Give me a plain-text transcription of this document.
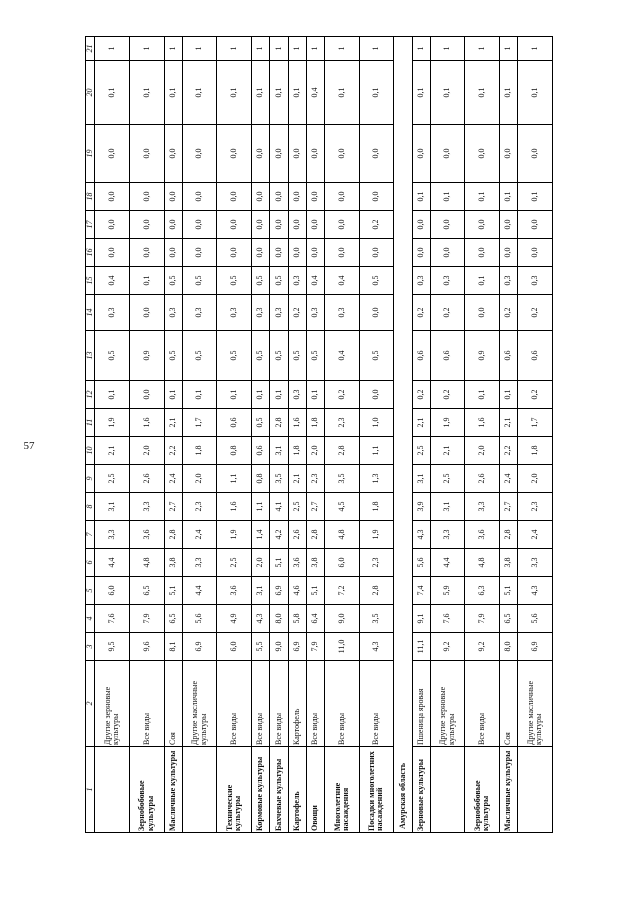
57
1	2	3	4	5	6	7	8	9	10	11	12	13	14	15	16	17	18	19	20	21
	Другие зерновые культуры	9,5	7,6	6,0	4,4	3,3	3,1	2,5	2,1	1,9	0,1	0,5	0,3	0,4	0,0	0,0	0,0	0,0	0,1	1
Зернобобовые культуры	Все виды	9,6	7,9	6,5	4,8	3,6	3,3	2,6	2,0	1,6	0,0	0,9	0,0	0,1	0,0	0,0	0,0	0,0	0,1	1
Масличные культуры	Соя	8,1	6,5	5,1	3,8	2,8	2,7	2,4	2,2	2,1	0,1	0,5	0,3	0,5	0,0	0,0	0,0	0,0	0,1	1
	Другие масличные культуры	6,9	5,6	4,4	3,3	2,4	2,3	2,0	1,8	1,7	0,1	0,5	0,3	0,5	0,0	0,0	0,0	0,0	0,1	1
Технические культуры	Все виды	6,0	4,9	3,6	2,5	1,9	1,6	1,1	0,8	0,6	0,1	0,5	0,3	0,5	0,0	0,0	0,0	0,0	0,1	1
Кормовые культуры	Все виды	5,5	4,3	3,1	2,0	1,4	1,1	0,8	0,6	0,5	0,1	0,5	0,3	0,5	0,0	0,0	0,0	0,0	0,1	1
Бахчевые культуры	Все виды	9,0	8,0	6,9	5,1	4,2	4,1	3,5	3,1	2,8	0,1	0,5	0,3	0,5	0,0	0,0	0,0	0,0	0,1	1
Картофель	Картофель	6,9	5,8	4,6	3,6	2,6	2,5	2,1	1,8	1,6	0,3	0,5	0,2	0,3	0,0	0,0	0,0	0,0	0,1	1
Овощи	Все виды	7,9	6,4	5,1	3,8	2,8	2,7	2,3	2,0	1,8	0,1	0,5	0,3	0,4	0,0	0,0	0,0	0,0	0,4	1
Многолетние насаждения	Все виды	11,0	9,0	7,2	6,0	4,8	4,5	3,5	2,8	2,3	0,2	0,4	0,3	0,4	0,0	0,0	0,0	0,0	0,1	1
Посадки многолетних насаждений	Все виды	4,3	3,5	2,8	2,3	1,9	1,8	1,3	1,1	1,0	0,0	0,5	0,0	0,5	0,0	0,2	0,0	0,0	0,1	1
Амурская область																				
Зерновые культуры	Пшеница яровая	11,1	9,1	7,4	5,6	4,3	3,9	3,1	2,5	2,1	0,2	0,6	0,2	0,3	0,0	0,0	0,1	0,0	0,1	1
	Другие зерновые культуры	9,2	7,6	5,9	4,4	3,3	3,1	2,5	2,1	1,9	0,2	0,6	0,2	0,3	0,0	0,0	0,1	0,0	0,1	1
Зернобобовые культуры	Все виды	9,2	7,9	6,3	4,8	3,6	3,3	2,6	2,0	1,6	0,1	0,9	0,0	0,1	0,0	0,0	0,1	0,0	0,1	1
Масличные культуры	Соя	8,0	6,5	5,1	3,8	2,8	2,7	2,4	2,2	2,1	0,1	0,6	0,2	0,3	0,0	0,0	0,1	0,0	0,1	1
	Другие масличные культуры	6,9	5,6	4,3	3,3	2,4	2,3	2,0	1,8	1,7	0,2	0,6	0,2	0,3	0,0	0,0	0,1	0,0	0,1	1
